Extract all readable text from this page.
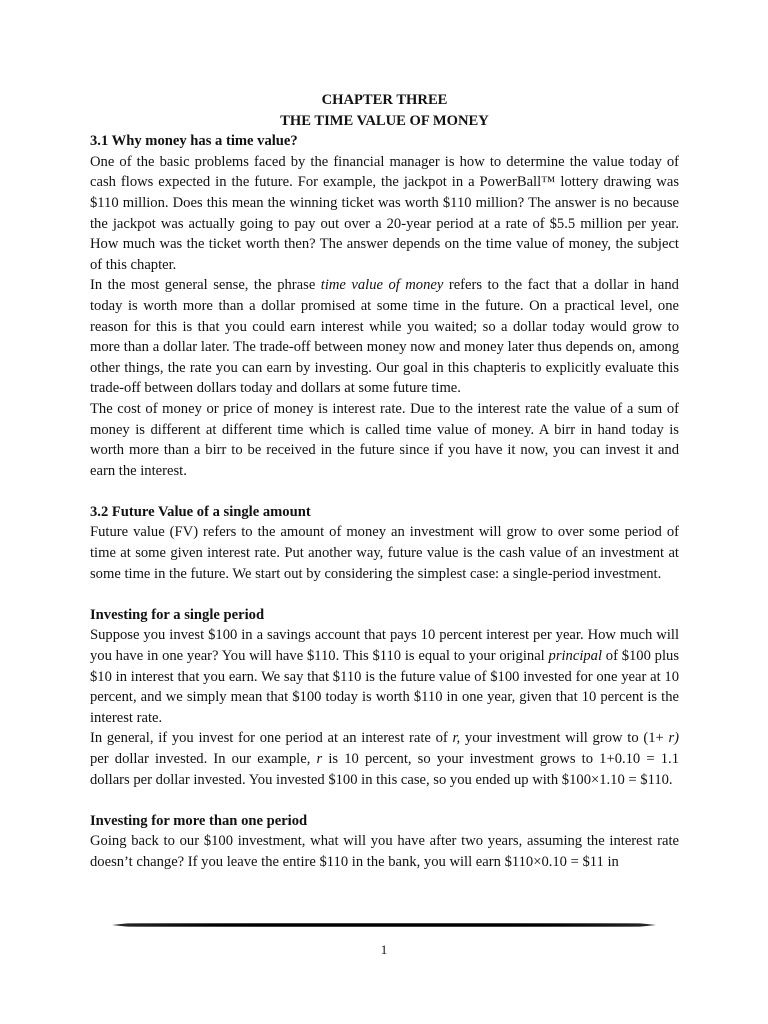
CHAPTER THREE

THE TIME VALUE OF MONEY

3.1 Why money has a time value?

One of the basic problems faced by the financial manager is how to determine the value today of cash flows expected in the future. For example, the jackpot in a PowerBall™ lottery drawing was $110 million. Does this mean the winning ticket was worth $110 million? The answer is no because the jackpot was actually going to pay out over a 20-year period at a rate of $5.5 million per year. How much was the ticket worth then? The answer depends on the time value of money, the subject of this chapter.

In the most general sense, the phrase time value of money refers to the fact that a dollar in hand today is worth more than a dollar promised at some time in the future. On a practical level, one reason for this is that you could earn interest while you waited; so a dollar today would grow to more than a dollar later. The trade-off between money now and money later thus depends on, among other things, the rate you can earn by investing. Our goal in this chapteris to explicitly evaluate this trade-off between dollars today and dollars at some future time.

The cost of money or price of money is interest rate. Due to the interest rate the value of a sum of money is different at different time which is called time value of money. A birr in hand today is worth more than a birr to be received in the future since if you have it now, you can invest it and earn the interest.

3.2 Future Value of a single amount

Future value (FV) refers to the amount of money an investment will grow to over some period of time at some given interest rate. Put another way, future value is the cash value of an investment at some time in the future. We start out by considering the simplest case: a single-period investment.

Investing for a single period

Suppose you invest $100 in a savings account that pays 10 percent interest per year. How much will you have in one year? You will have $110. This $110 is equal to your original principal of $100 plus $10 in interest that you earn. We say that $110 is the future value of $100 invested for one year at 10 percent, and we simply mean that $100 today is worth $110 in one year, given that 10 percent is the interest rate.

In general, if you invest for one period at an interest rate of r, your investment will grow to (1+ r) per dollar invested. In our example, r is 10 percent, so your investment grows to 1+0.10 = 1.1 dollars per dollar invested. You invested $100 in this case, so you ended up with $100×1.10 = $110.

Investing for more than one period

Going back to our $100 investment, what will you have after two years, assuming the interest rate doesn’t change? If you leave the entire $110 in the bank, you will earn $110×0.10 = $11 in

1
